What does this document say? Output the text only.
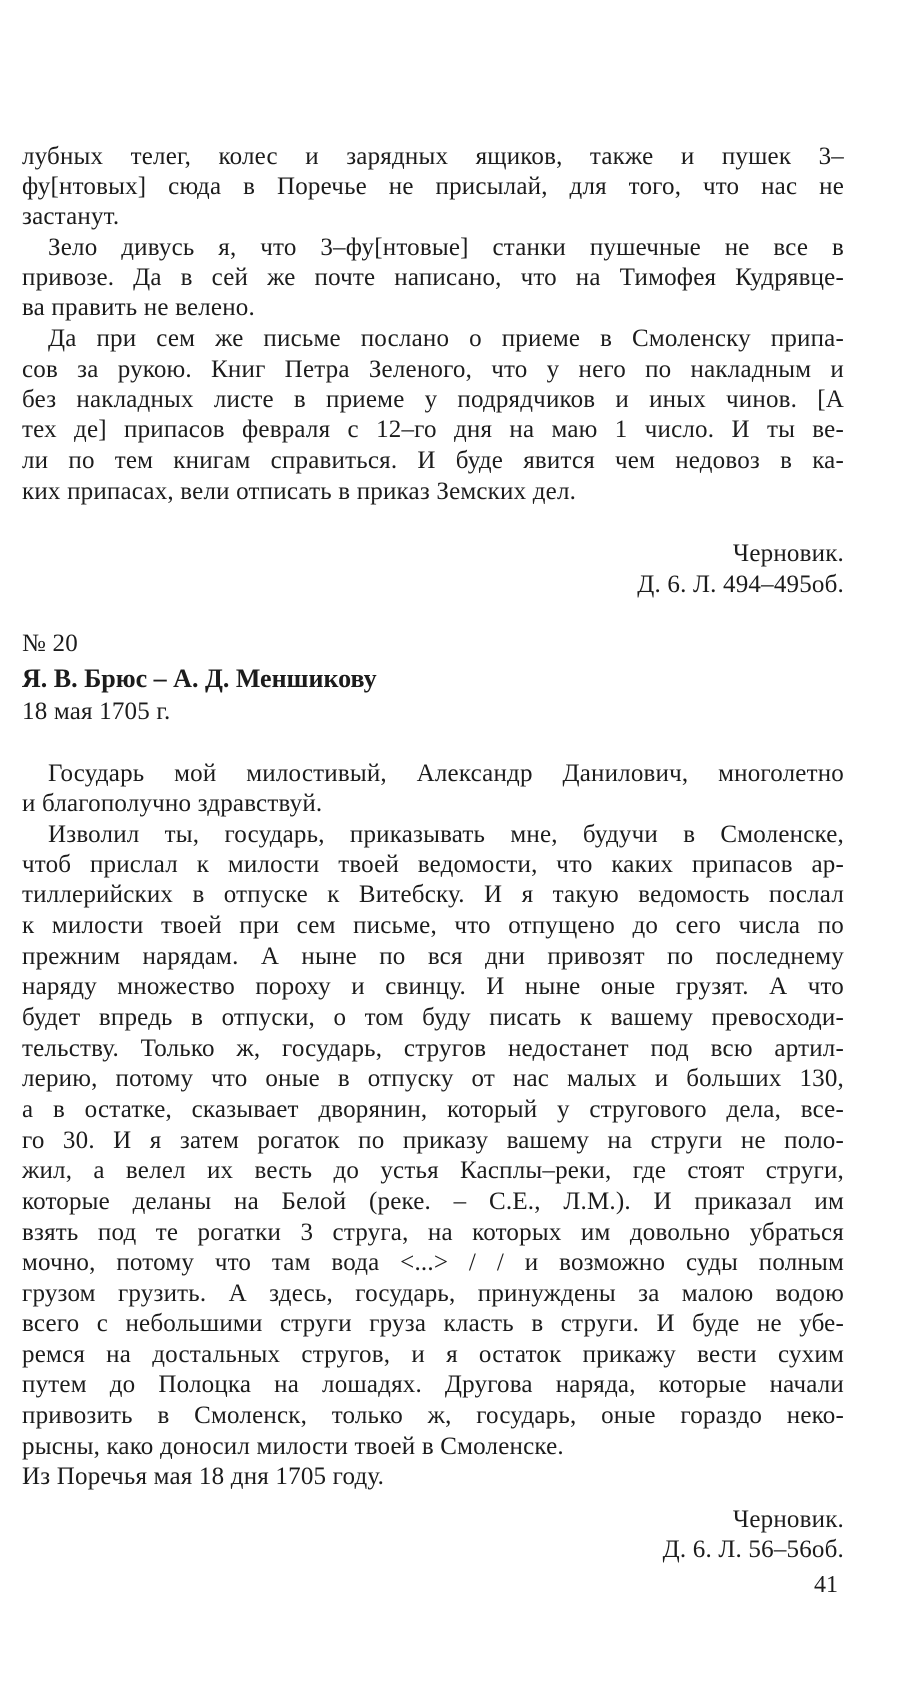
лубных телег, колес и зарядных ящиков, также и пушек 3–
фу[нтовых] сюда в Поречье не присылай, для того, что нас не
застанут.
Зело дивусь я, что 3–фу[нтовые] станки пушечные не все в
привозе. Да в сей же почте написано, что на Тимофея Кудрявце-
ва править не велено.
Да при сем же письме послано о приеме в Смоленску припа-
сов за рукою. Книг Петра Зеленого, что у него по накладным и
без накладных листе в приеме у подрядчиков и иных чинов. [А
тех де] припасов февраля с 12–го дня на маю 1 число. И ты ве-
ли по тем книгам справиться. И буде явится чем недовоз в ка-
ких припасах, вели отписать в приказ Земских дел.
Черновик.
Д. 6. Л. 494–495об.
№ 20
Я. В. Брюс – А. Д. Меншикову
18 мая 1705 г.
Государь мой милостивый, Александр Данилович, многолетно
и благополучно здравствуй.
Изволил ты, государь, приказывать мне, будучи в Смоленске,
чтоб прислал к милости твоей ведомости, что каких припасов ар-
тиллерийских в отпуске к Витебску. И я такую ведомость послал
к милости твоей при сем письме, что отпущено до сего числа по
прежним нарядам. А ныне по вся дни привозят по последнему
наряду множество пороху и свинцу. И ныне оные грузят. А что
будет впредь в отпуски, о том буду писать к вашему превосходи-
тельству. Только ж, государь, стругов недостанет под всю артил-
лерию, потому что оные в отпуску от нас малых и больших 130,
а в остатке, сказывает дворянин, который у стругового дела, все-
го 30. И я затем рогаток по приказу вашему на струги не поло-
жил, а велел их весть до устья Касплы–реки, где стоят струги,
которые деланы на Белой (реке. – С.Е., Л.М.). И приказал им
взять под те рогатки 3 струга, на которых им довольно убраться
мочно, потому что там вода <...> / / и возможно суды полным
грузом грузить. А здесь, государь, принуждены за малою водою
всего с небольшими струги груза класть в струги. И буде не убе-
ремся на достальных стругов, и я остаток прикажу вести сухим
путем до Полоцка на лошадях. Другова наряда, которые начали
привозить в Смоленск, только ж, государь, оные гораздо неко-
рысны, како доносил милости твоей в Смоленске.
Из Поречья мая 18 дня 1705 году.
Черновик.
Д. 6. Л. 56–56об.
41
